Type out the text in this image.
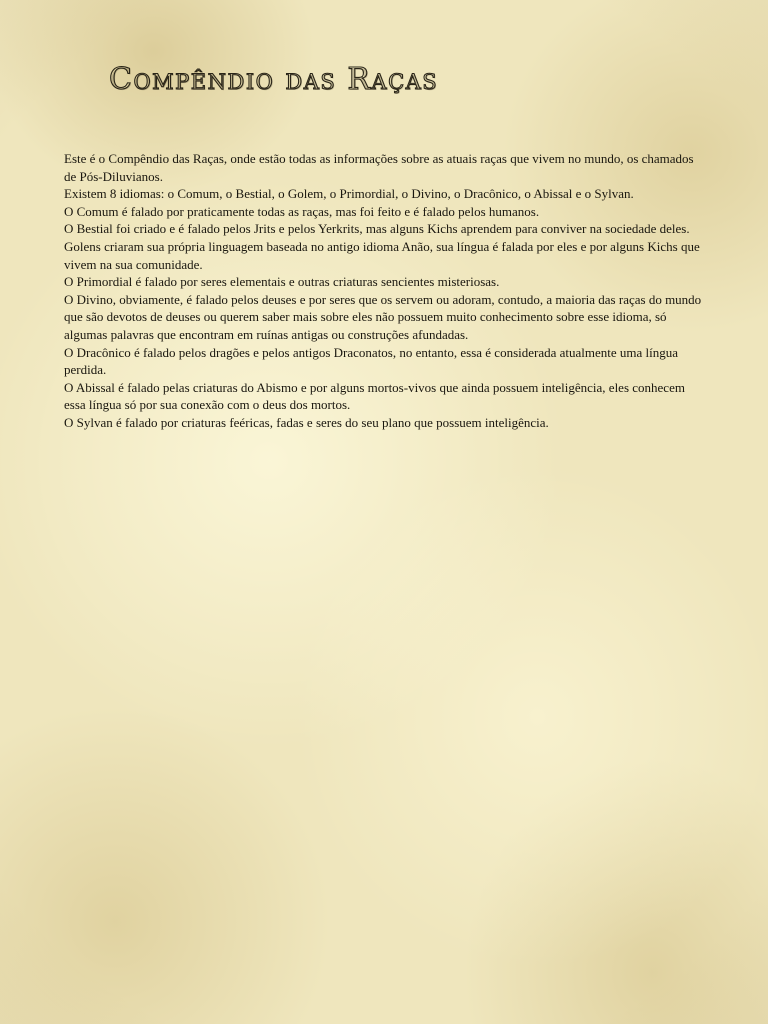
Compêndio das Raças

Este é o Compêndio das Raças, onde estão todas as informações sobre as atuais raças que vivem no mundo, os chamados de Pós-Diluvianos.

Existem 8 idiomas: o Comum, o Bestial, o Golem, o Primordial, o Divino, o Dracônico, o Abissal e o Sylvan.

O Comum é falado por praticamente todas as raças, mas foi feito e é falado pelos humanos.

O Bestial foi criado e é falado pelos Jrits e pelos Yerkrits, mas alguns Kichs aprendem para conviver na sociedade deles.

Golens criaram sua própria linguagem baseada no antigo idioma Anão, sua língua é falada por eles e por alguns Kichs que vivem na sua comunidade.

O Primordial é falado por seres elementais e outras criaturas sencientes misteriosas.

O Divino, obviamente, é falado pelos deuses e por seres que os servem ou adoram, contudo, a maioria das raças do mundo que são devotos de deuses ou querem saber mais sobre eles não possuem muito conhecimento sobre esse idioma, só algumas palavras que encontram em ruínas antigas ou construções afundadas.

O Dracônico é falado pelos dragões e pelos antigos Draconatos, no entanto, essa é considerada atualmente uma língua perdida.

O Abissal é falado pelas criaturas do Abismo e por alguns mortos-vivos que ainda possuem inteligência, eles conhecem essa língua só por sua conexão com o deus dos mortos.

O Sylvan é falado por criaturas feéricas, fadas e seres do seu plano que possuem inteligência.
